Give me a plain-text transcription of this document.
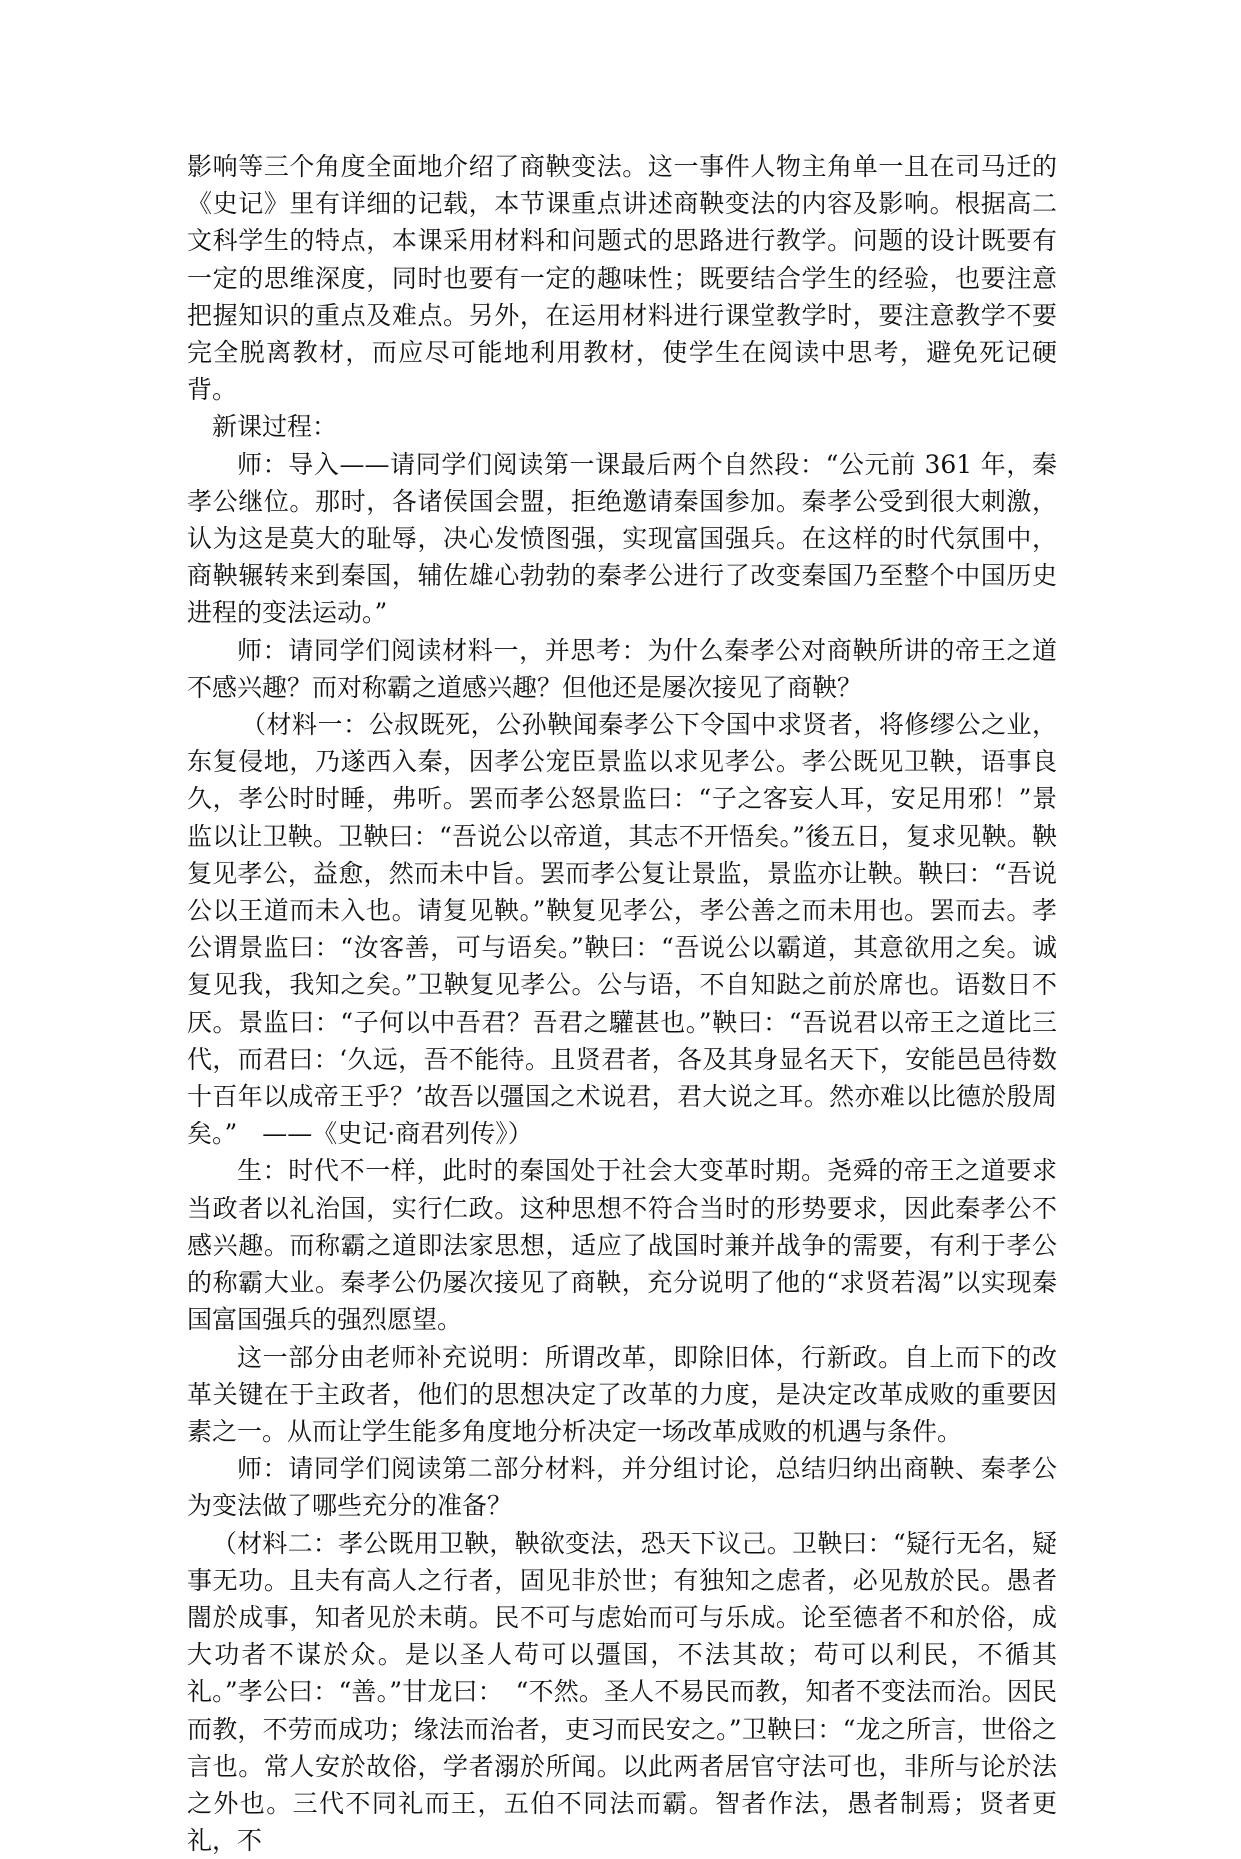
影响等三个角度全面地介绍了商鞅变法。这一事件人物主角单一且在司马迁的《史记》里有详细的记载，本节课重点讲述商鞅变法的内容及影响。根据高二文科学生的特点，本课采用材料和问题式的思路进行教学。问题的设计既要有一定的思维深度，同时也要有一定的趣味性；既要结合学生的经验，也要注意把握知识的重点及难点。另外，在运用材料进行课堂教学时，要注意教学不要完全脱离教材，而应尽可能地利用教材，使学生在阅读中思考，避免死记硬背。

新课过程：

师：导入——请同学们阅读第一课最后两个自然段：“公元前 361 年，秦孝公继位。那时，各诸侯国会盟，拒绝邀请秦国参加。秦孝公受到很大刺激，认为这是莫大的耻辱，决心发愤图强，实现富国强兵。在这样的时代氛围中，商鞅辗转来到秦国，辅佐雄心勃勃的秦孝公进行了改变秦国乃至整个中国历史进程的变法运动。”

师：请同学们阅读材料一，并思考：为什么秦孝公对商鞅所讲的帝王之道不感兴趣？而对称霸之道感兴趣？但他还是屡次接见了商鞅？

（材料一：公叔既死，公孙鞅闻秦孝公下令国中求贤者，将修缪公之业，东复侵地，乃遂西入秦，因孝公宠臣景监以求见孝公。孝公既见卫鞅，语事良久，孝公时时睡，弗听。罢而孝公怒景监曰：“子之客妄人耳，安足用邪！”景监以让卫鞅。卫鞅曰：“吾说公以帝道，其志不开悟矣。”後五日，复求见鞅。鞅复见孝公，益愈，然而未中旨。罢而孝公复让景监，景监亦让鞅。鞅曰：“吾说公以王道而未入也。请复见鞅。”鞅复见孝公，孝公善之而未用也。罢而去。孝公谓景监曰：“汝客善，可与语矣。”鞅曰：“吾说公以霸道，其意欲用之矣。诚复见我，我知之矣。”卫鞅复见孝公。公与语，不自知跶之前於席也。语数日不厌。景监曰：“子何以中吾君？吾君之驩甚也。”鞅曰：“吾说君以帝王之道比三代，而君曰：‘久远，吾不能待。且贤君者，各及其身显名天下，安能邑邑待数十百年以成帝王乎？’故吾以彊国之术说君，君大说之耳。然亦难以比德於殷周矣。”　——《史记·商君列传》）

生：时代不一样，此时的秦国处于社会大变革时期。尧舜的帝王之道要求当政者以礼治国，实行仁政。这种思想不符合当时的形势要求，因此秦孝公不感兴趣。而称霸之道即法家思想，适应了战国时兼并战争的需要，有利于孝公的称霸大业。秦孝公仍屡次接见了商鞅，充分说明了他的“求贤若渴”以实现秦国富国强兵的强烈愿望。

这一部分由老师补充说明：所谓改革，即除旧体，行新政。自上而下的改革关键在于主政者，他们的思想决定了改革的力度，是决定改革成败的重要因素之一。从而让学生能多角度地分析决定一场改革成败的机遇与条件。

师：请同学们阅读第二部分材料，并分组讨论，总结归纳出商鞅、秦孝公为变法做了哪些充分的准备？

（材料二：孝公既用卫鞅，鞅欲变法，恐天下议己。卫鞅曰：“疑行无名，疑事无功。且夫有高人之行者，固见非於世；有独知之虑者，必见敖於民。愚者闇於成事，知者见於未萌。民不可与虑始而可与乐成。论至德者不和於俗，成大功者不谋於众。是以圣人苟可以彊国，不法其故；苟可以利民，不循其礼。”孝公曰：“善。”甘龙曰：　“不然。圣人不易民而教，知者不变法而治。因民而教，不劳而成功；缘法而治者，吏习而民安之。”卫鞅曰：“龙之所言，世俗之言也。常人安於故俗，学者溺於所闻。以此两者居官守法可也，非所与论於法之外也。三代不同礼而王，五伯不同法而霸。智者作法，愚者制焉；贤者更礼，不
